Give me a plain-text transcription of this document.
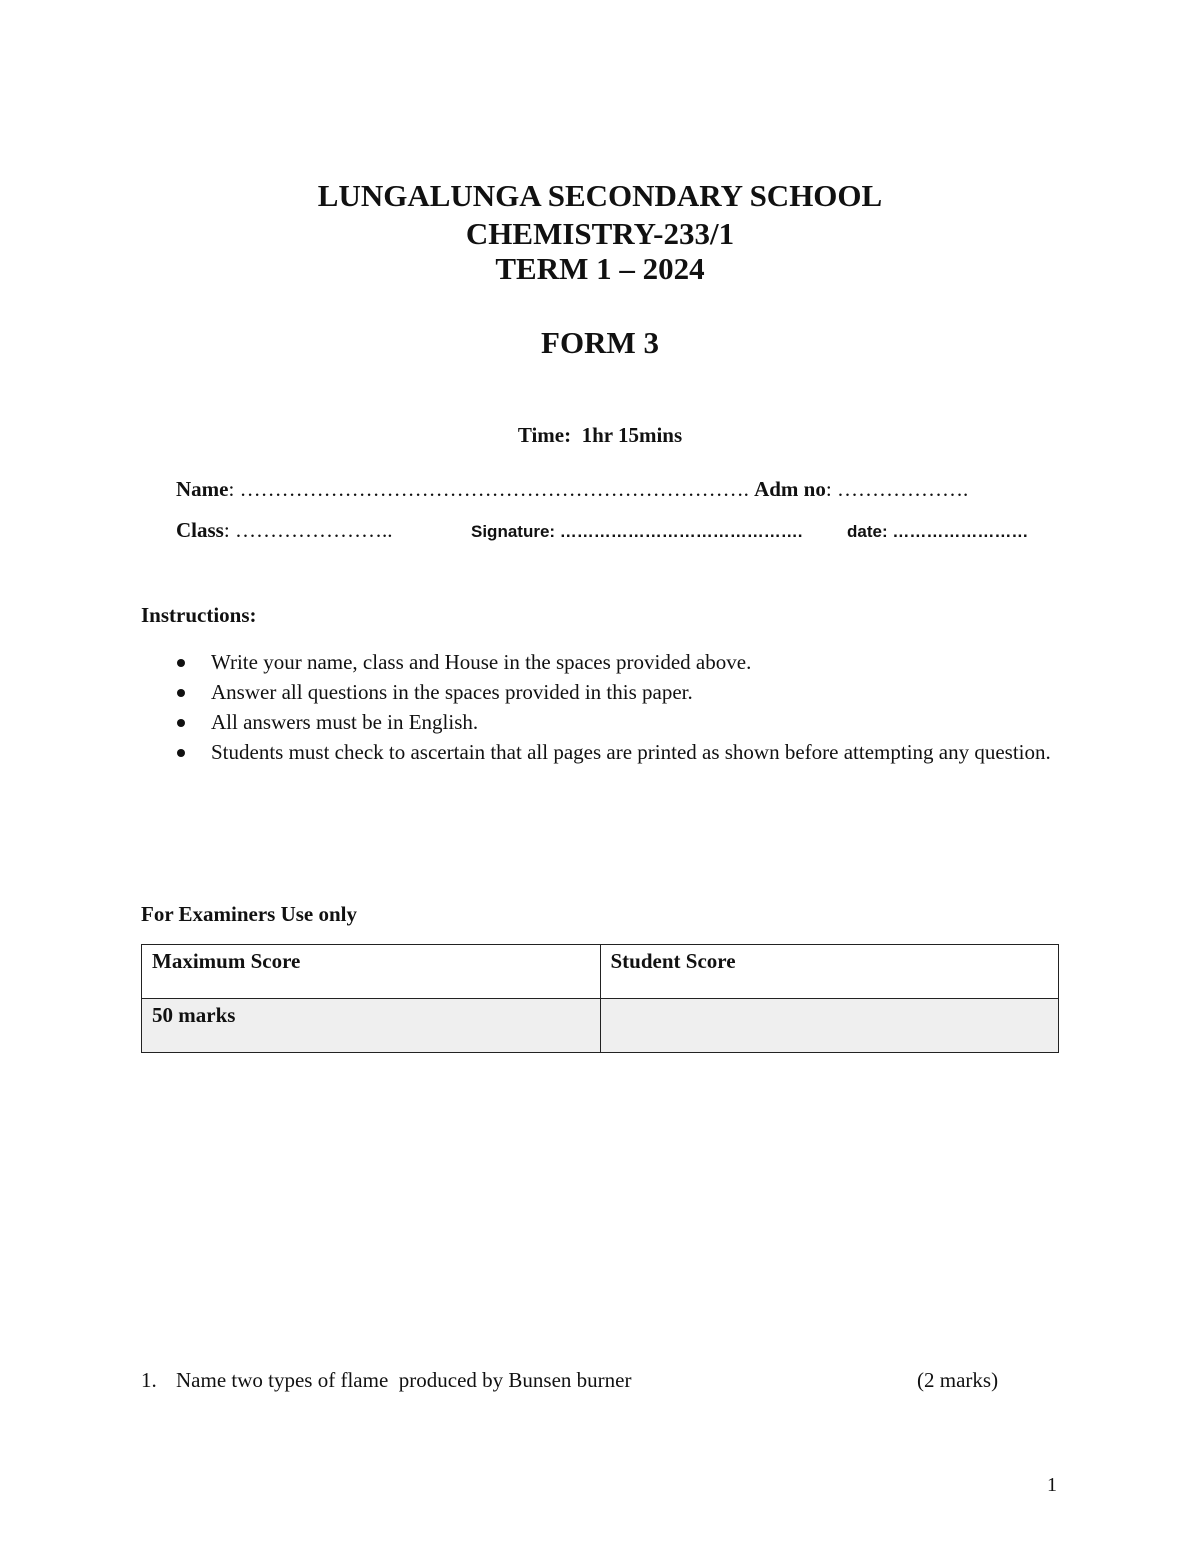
LUNGALUNGA SECONDARY SCHOOL
CHEMISTRY-233/1
TERM 1 – 2024
FORM 3
Time: 1hr 15mins
Name: ………………………………………………………………. Adm no: ……………….
Class: …………………..	Signature: …………………………………….	date: ……………………
Instructions:
Write your name, class and House in the spaces provided above.
Answer all questions in the spaces provided in this paper.
All answers must be in English.
Students must check to ascertain that all pages are printed as shown before attempting any question.
For Examiners Use only
Maximum Score	Student Score
50 marks	
1. Name two types of flame  produced by Bunsen burner	(2 marks)
1
